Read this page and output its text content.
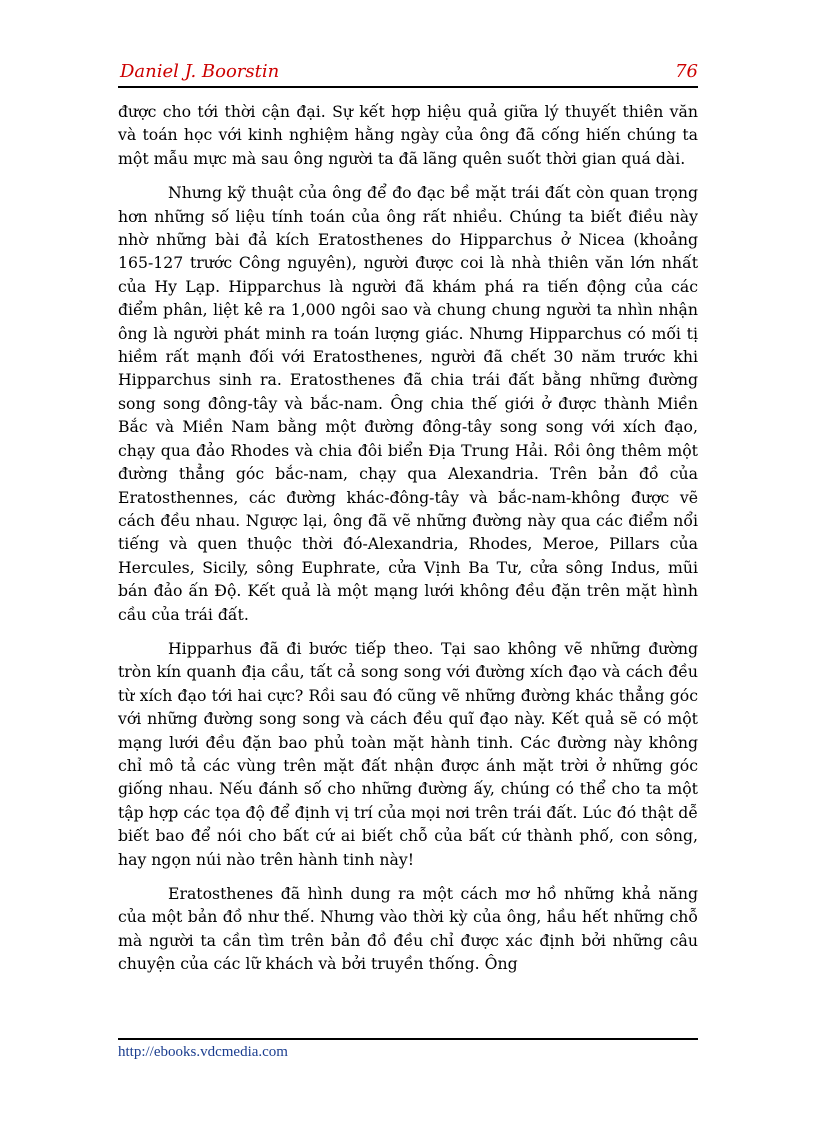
Daniel J. Boorstin	76

được cho tới thời cận đại. Sự kết hợp hiệu quả giữa lý thuyết thiên văn và toán học với kinh nghiệm hằng ngày của ông đã cống hiến chúng ta một mẫu mực mà sau ông người ta đã lãng quên suốt thời gian quá dài.

Nhưng kỹ thuật của ông để đo đạc bề mặt trái đất còn quan trọng hơn những số liệu tính toán của ông rất nhiều. Chúng ta biết điều này nhờ những bài đả kích Eratosthenes do Hipparchus ở Nicea (khoảng 165-127 trước Công nguyên), người được coi là nhà thiên văn lớn nhất của Hy Lạp. Hipparchus là người đã khám phá ra tiến động của các điểm phân, liệt kê ra 1,000 ngôi sao và chung chung người ta nhìn nhận ông là người phát minh ra toán lượng giác. Nhưng Hipparchus có mối tị hiềm rất mạnh đối với Eratosthenes, người đã chết 30 năm trước khi Hipparchus sinh ra. Eratosthenes đã chia trái đất bằng những đường song song đông-tây và bắc-nam. Ông chia thế giới ở được thành Miền Bắc và Miền Nam bằng một đường đông-tây song song với xích đạo, chạy qua đảo Rhodes và chia đôi biển Địa Trung Hải. Rồi ông thêm một đường thẳng góc bắc-nam, chạy qua Alexandria. Trên bản đồ của Eratosthennes, các đường khác-đông-tây và bắc-nam-không được vẽ cách đều nhau. Ngược lại, ông đã vẽ những đường này qua các điểm nổi tiếng và quen thuộc thời đó-Alexandria, Rhodes, Meroe, Pillars của Hercules, Sicily, sông Euphrate, cửa Vịnh Ba Tư, cửa sông Indus, mũi bán đảo ấn Độ. Kết quả là một mạng lưới không đều đặn trên mặt hình cầu của trái đất.

Hipparhus đã đi bước tiếp theo. Tại sao không vẽ những đường tròn kín quanh địa cầu, tất cả song song với đường xích đạo và cách đều từ xích đạo tới hai cực? Rồi sau đó cũng vẽ những đường khác thẳng góc với những đường song song và cách đều quĩ đạo này. Kết quả sẽ có một mạng lưới đều đặn bao phủ toàn mặt hành tinh. Các đường này không chỉ mô tả các vùng trên mặt đất nhận được ánh mặt trời ở những góc giống nhau. Nếu đánh số cho những đường ấy, chúng có thể cho ta một tập hợp các tọa độ để định vị trí của mọi nơi trên trái đất. Lúc đó thật dễ biết bao để nói cho bất cứ ai biết chỗ của bất cứ thành phố, con sông, hay ngọn núi nào trên hành tinh này!

Eratosthenes đã hình dung ra một cách mơ hồ những khả năng của một bản đồ như thế. Nhưng vào thời kỳ của ông, hầu hết những chỗ mà người ta cần tìm trên bản đồ đều chỉ được xác định bởi những câu chuyện của các lữ khách và bởi truyền thống. Ông

http://ebooks.vdcmedia.com
